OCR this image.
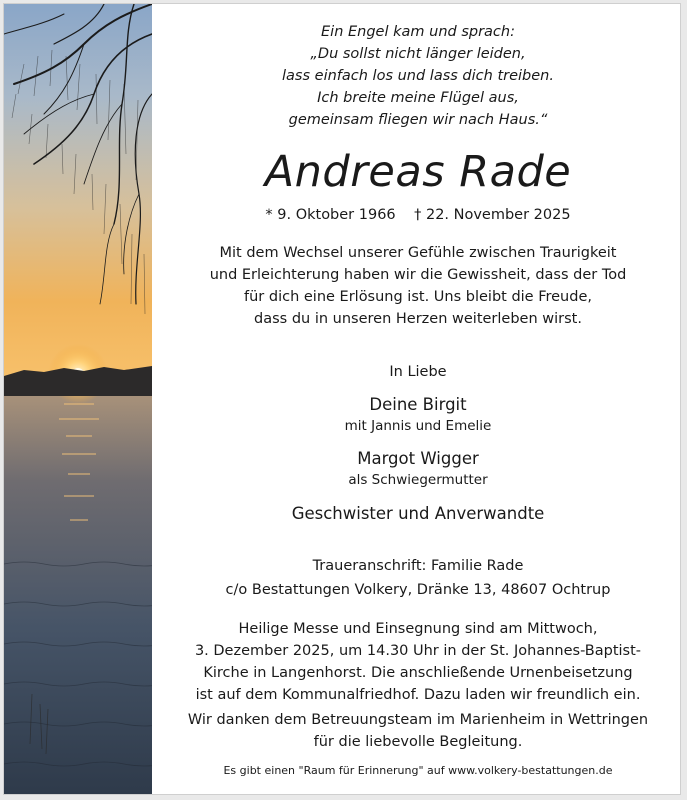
Ein Engel kam und sprach:
„Du sollst nicht länger leiden,
lass einfach los und lass dich treiben.
Ich breite meine Flügel aus,
gemeinsam fliegen wir nach Haus.“
Andreas Rade
* 9. Oktober 1966 † 22. November 2025
Mit dem Wechsel unserer Gefühle zwischen Traurigkeit
und Erleichterung haben wir die Gewissheit, dass der Tod
für dich eine Erlösung ist. Uns bleibt die Freude,
dass du in unseren Herzen weiterleben wirst.
In Liebe
Deine Birgit
mit Jannis und Emelie
Margot Wigger
als Schwiegermutter
Geschwister und Anverwandte
Traueranschrift: Familie Rade
c/o Bestattungen Volkery, Dränke 13, 48607 Ochtrup
Heilige Messe und Einsegnung sind am Mittwoch,
3. Dezember 2025, um 14.30 Uhr in der St. Johannes-Baptist-
Kirche in Langenhorst. Die anschließende Urnenbeisetzung
ist auf dem Kommunalfriedhof. Dazu laden wir freundlich ein.
Wir danken dem Betreuungsteam im Marienheim in Wettringen
für die liebevolle Begleitung.
Es gibt einen "Raum für Erinnerung" auf www.volkery-bestattungen.de
